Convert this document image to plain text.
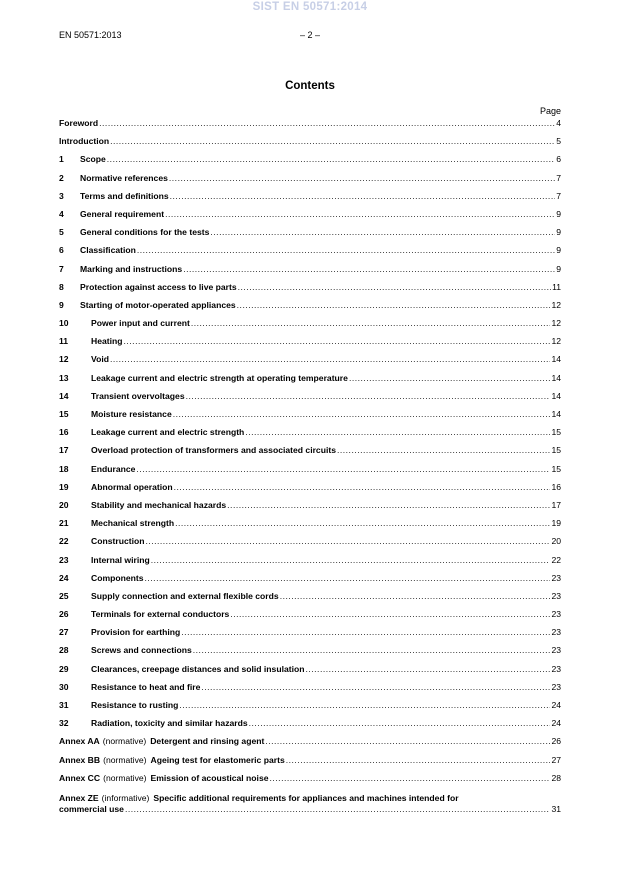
SIST EN 50571:2014
EN 50571:2013	– 2 –
Contents
Page
Foreword .....	4
Introduction .....	5
1	Scope .....	6
2	Normative references .....	7
3	Terms and definitions .....	7
4	General requirement .....	9
5	General conditions for the tests .....	9
6	Classification .....	9
7	Marking and instructions .....	9
8	Protection against access to live parts .....	11
9	Starting of motor-operated appliances .....	12
10	Power input and current .....	12
11	Heating .....	12
12	Void .....	14
13	Leakage current and electric strength at operating temperature .....	14
14	Transient overvoltages .....	14
15	Moisture resistance .....	14
16	Leakage current and electric strength .....	15
17	Overload protection of transformers and associated circuits .....	15
18	Endurance .....	15
19	Abnormal operation .....	16
20	Stability and mechanical hazards .....	17
21	Mechanical strength .....	19
22	Construction .....	20
23	Internal wiring .....	22
24	Components .....	23
25	Supply connection and external flexible cords .....	23
26	Terminals for external conductors .....	23
27	Provision for earthing .....	23
28	Screws and connections .....	23
29	Clearances, creepage distances and solid insulation .....	23
30	Resistance to heat and fire .....	23
31	Resistance to rusting .....	24
32	Radiation, toxicity and similar hazards .....	24
Annex AA (normative) Detergent and rinsing agent .....	26
Annex BB (normative) Ageing test for elastomeric parts .....	27
Annex CC (normative) Emission of acoustical noise .....	28
Annex ZE (informative) Specific additional requirements for appliances and machines intended for
commercial use .....	31
